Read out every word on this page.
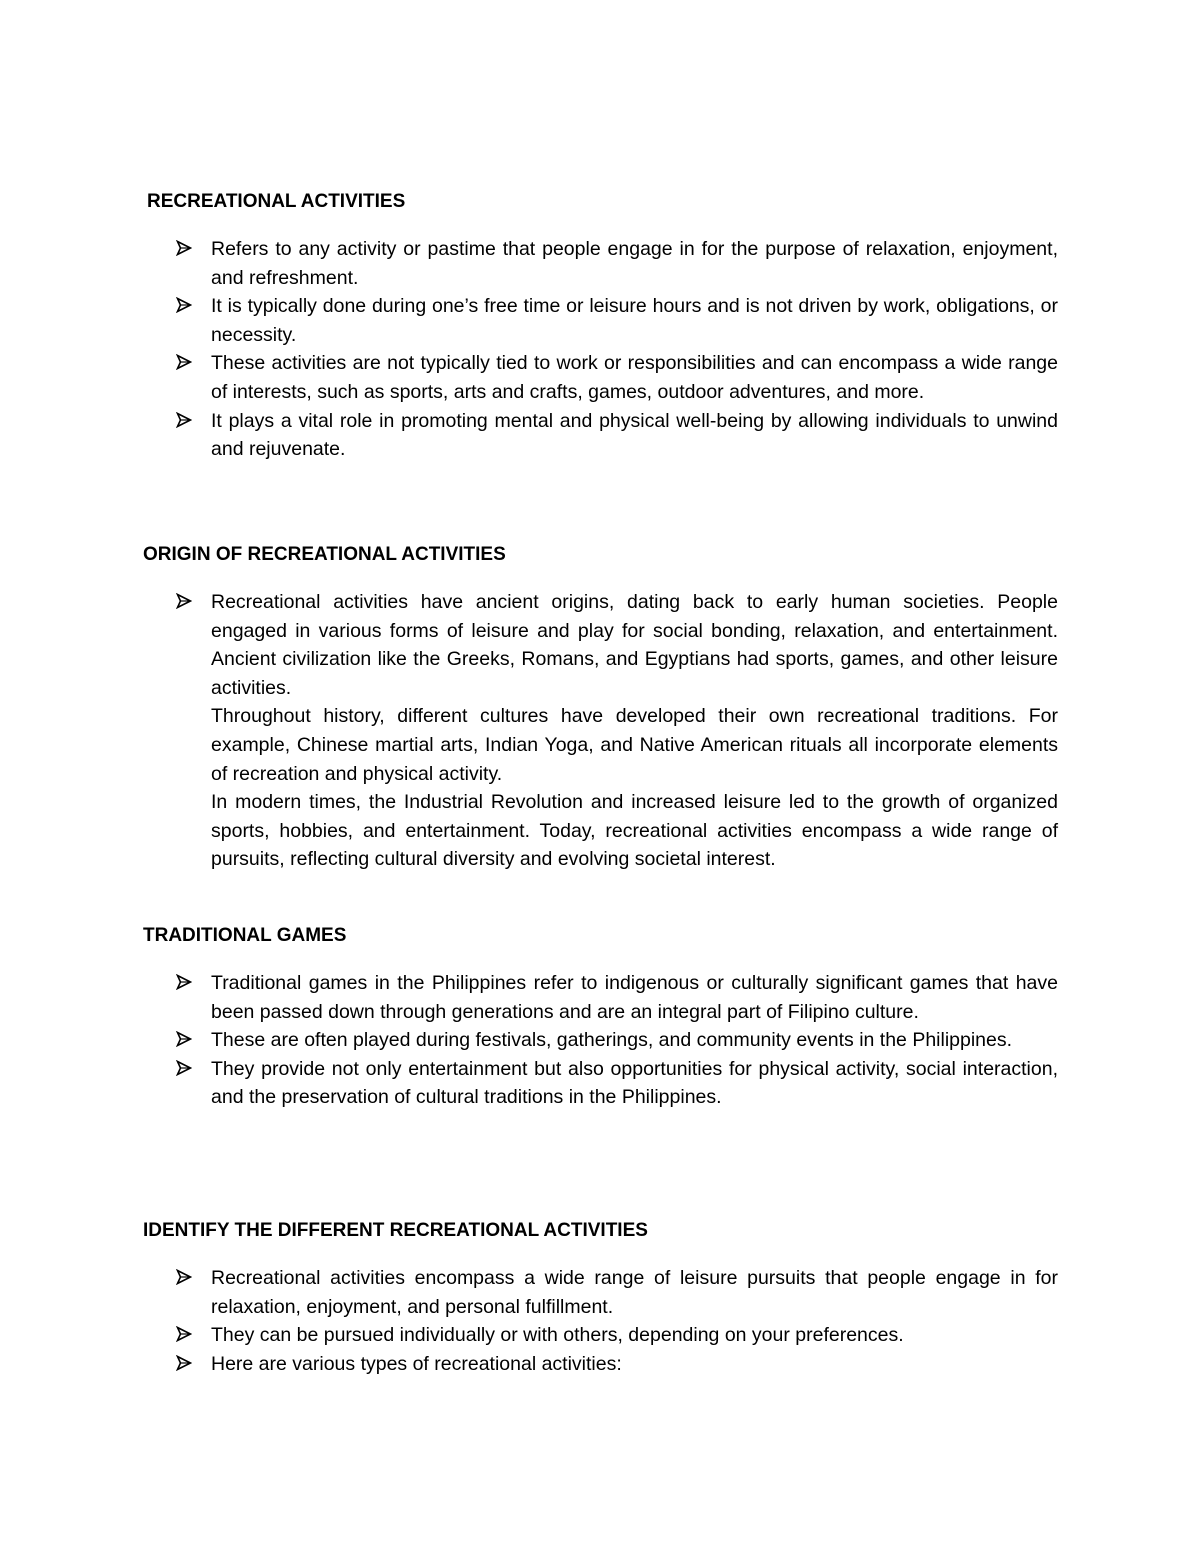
RECREATIONAL ACTIVITIES
Refers to any activity or pastime that people engage in for the purpose of relaxation, enjoyment, and refreshment.
It is typically done during one’s free time or leisure hours and is not driven by work, obligations, or necessity.
These activities are not typically tied to work or responsibilities and can encompass a wide range of interests, such as sports, arts and crafts, games, outdoor adventures, and more.
It plays a vital role in promoting mental and physical well-being by allowing individuals to unwind and rejuvenate.
ORIGIN OF RECREATIONAL ACTIVITIES
Recreational activities have ancient origins, dating back to early human societies. People engaged in various forms of leisure and play for social bonding, relaxation, and entertainment. Ancient civilization like the Greeks, Romans, and Egyptians had sports, games, and other leisure    activities.
Throughout history, different cultures have developed their own recreational traditions. For example, Chinese martial arts, Indian Yoga, and Native American rituals all incorporate elements of recreation and physical activity.
In modern times, the Industrial Revolution and increased leisure led to the growth of organized sports, hobbies, and entertainment. Today, recreational activities encompass a wide range of pursuits, reflecting cultural diversity and evolving societal interest.
TRADITIONAL GAMES
Traditional games in the Philippines refer to indigenous or culturally significant games that have been passed down through generations and are an integral part of Filipino culture.
These are often played during festivals, gatherings, and community events in the Philippines.
They provide not only entertainment but also opportunities for physical activity, social interaction, and the preservation of cultural traditions in the Philippines.
IDENTIFY THE DIFFERENT RECREATIONAL ACTIVITIES
Recreational activities encompass a wide range of leisure pursuits that people engage in for relaxation, enjoyment, and personal fulfillment.
They can be pursued individually or with others, depending on your preferences.
Here are various types of recreational activities:
